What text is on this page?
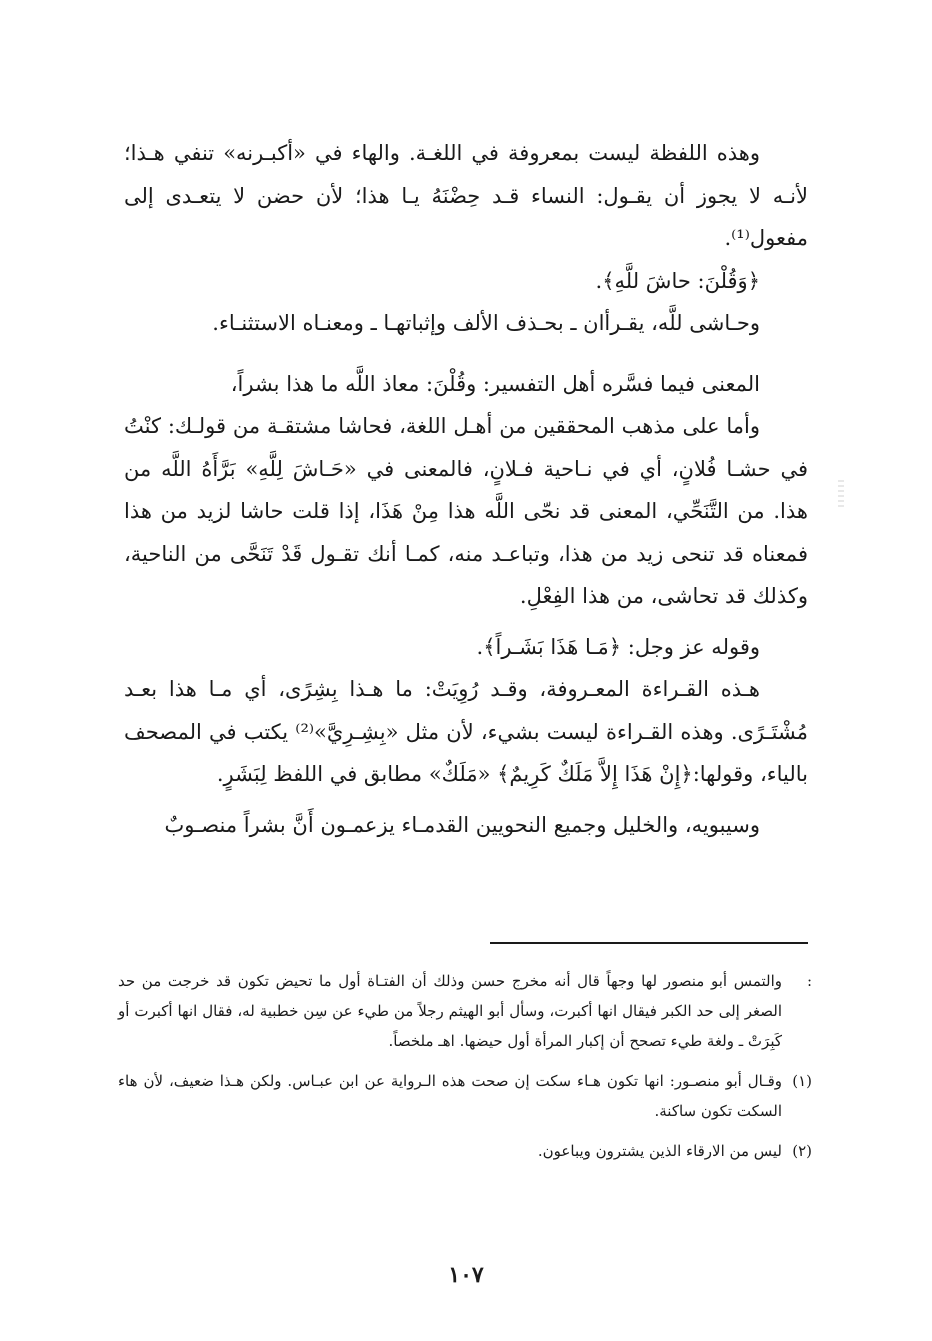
وهذه اللفظة ليست بمعروفة في اللغـة. والهاء في «أكبـرنه» تنفي هـذا؛ لأنـه لا يجوز أن يقـول: النساء قـد حِضْنَهُ يـا هذا؛ لأن حضن لا يتعـدى إلى مفعول⁽¹⁾.

﴿وَقُلْنَ: حاشَ للَّهِ﴾.

وحـاشى للَّه، يقـرأان ـ بحـذف الألف وإثباتهـا ـ ومعنـاه الاستثنـاء.

المعنى فيما فسَّره أهل التفسير: وقُلْنَ: معاذ اللَّه ما هذا بشراً،

وأما على مذهب المحققين من أهـل اللغة، فحاشا مشتقـة من قولـك: كنْتُ في حشـا فُلانٍ، أي في نـاحية فـلانٍ، فالمعنى في «حَـاشَ لِلَّهِ» بَرَّأَهُ اللَّه من هذا. من التَّنَحِّي، المعنى قد نحّى اللَّه هذا مِنْ هَذَا، إذا قلت حاشا لزيد من هذا فمعناه قد تنحى زيد من هذا، وتباعـد منه، كمـا أنك تقـول قَدْ تَنَحَّى من الناحية، وكذلك قد تحاشى، من هذا الفِعْلِ.

وقوله عز وجل: ﴿مَـا هَذَا بَشَـراً﴾.

هـذه القـراءة المعـروفة، وقـد رُوِيَتْ: ما هـذا بِشِرًى، أي مـا هذا بعـد مُشْتَـرًى. وهذه القـراءة ليست بشيء، لأن مثل «بِشِـرِيَّ»⁽²⁾ يكتب في المصحف بالياء، وقولها:﴿إِنْ هَذَا إِلاَّ مَلَكٌ كَرِيمٌ﴾ «مَلَكٌ» مطابق في اللفظ لِبَشَرٍ.

وسيبويه، والخليل وجميع النحويين القدمـاء يزعمـون أَنَّ بشراً منصـوبٌ

:
والتمس أبو منصور لها وجهاً قال أنه مخرج حسن وذلك أن الفتـاة أول ما تحيض تكون قد خرجت من حد الصغر إلى حد الكبر فيقال انها أكبرت، وسأل أبو الهيثم رجلاً من طيء عن سِن خطبية له، فقال انها أكبرت أو كَبِرَتْ ـ ولغة طيء تصحح أن إكبار المرأة أول حيضها. اهـ ملخصاً.
(١)
وقـال أبو منصـور: انها تكون هـاء سكت إن صحت هذه الـرواية عن ابن عبـاس. ولكن هـذا ضعيف، لأن هاء السكت تكون ساكنة.
(٢)
ليس من الارقاء الذين يشترون ويباعون.
١٠٧
